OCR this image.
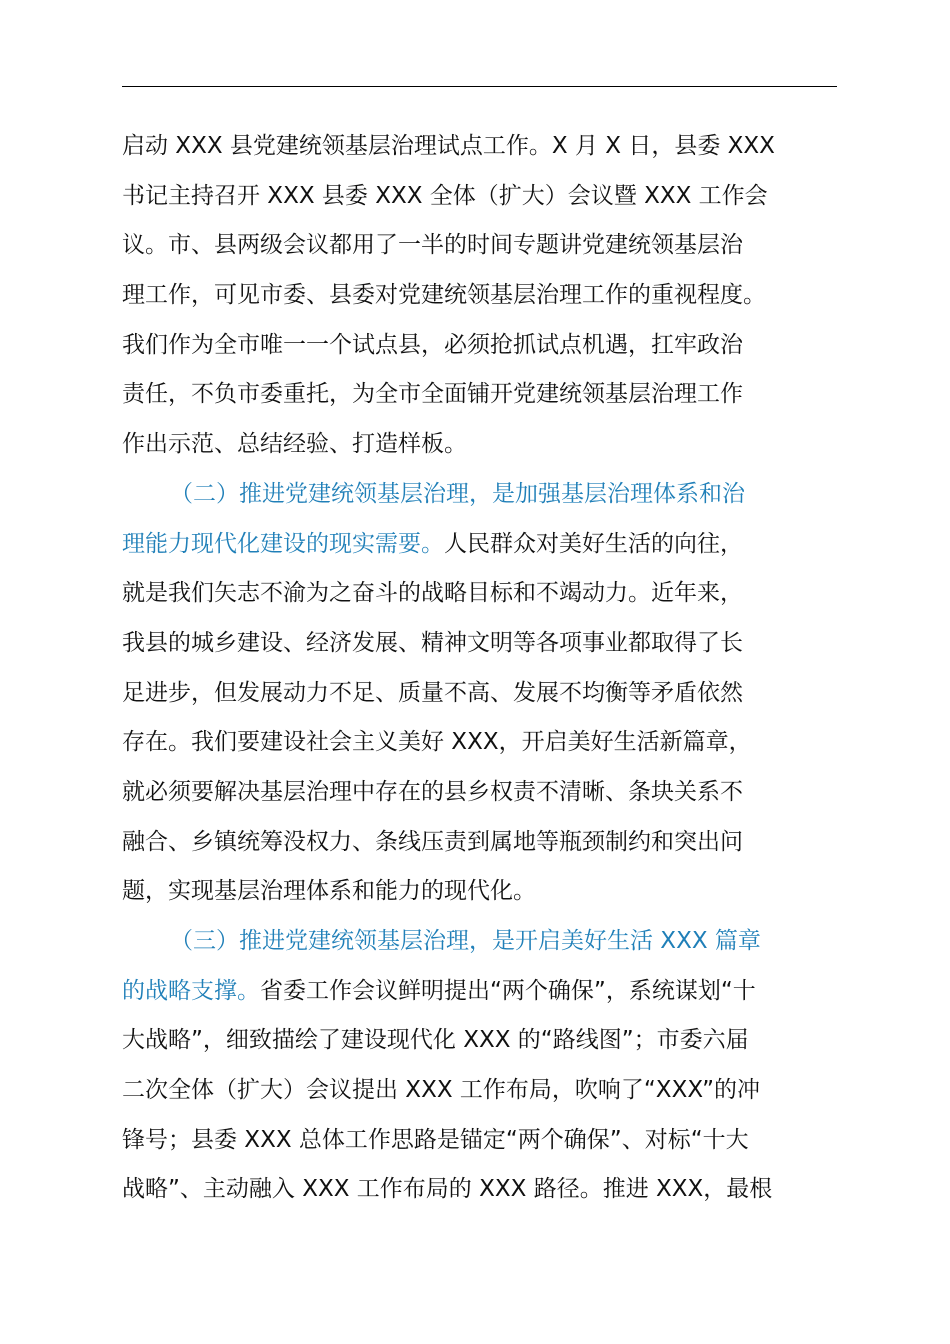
启动 XXX 县党建统领基层治理试点工作。X 月 X 日，县委 XXX
书记主持召开 XXX 县委 XXX 全体（扩大）会议暨 XXX 工作会
议。市、县两级会议都用了一半的时间专题讲党建统领基层治
理工作，可见市委、县委对党建统领基层治理工作的重视程度。
我们作为全市唯一一个试点县，必须抢抓试点机遇，扛牢政治
责任，不负市委重托，为全市全面铺开党建统领基层治理工作
作出示范、总结经验、打造样板。
（二）推进党建统领基层治理，是加强基层治理体系和治
理能力现代化建设的现实需要。人民群众对美好生活的向往，
就是我们矢志不渝为之奋斗的战略目标和不竭动力。近年来，
我县的城乡建设、经济发展、精神文明等各项事业都取得了长
足进步，但发展动力不足、质量不高、发展不均衡等矛盾依然
存在。我们要建设社会主义美好 XXX，开启美好生活新篇章，
就必须要解决基层治理中存在的县乡权责不清晰、条块关系不
融合、乡镇统筹没权力、条线压责到属地等瓶颈制约和突出问
题，实现基层治理体系和能力的现代化。
（三）推进党建统领基层治理，是开启美好生活 XXX 篇章
的战略支撑。省委工作会议鲜明提出“两个确保”，系统谋划“十
大战略”，细致描绘了建设现代化 XXX 的“路线图”；市委六届
二次全体（扩大）会议提出 XXX 工作布局，吹响了“XXX”的冲
锋号；县委 XXX 总体工作思路是锚定“两个确保”、对标“十大
战略”、主动融入 XXX 工作布局的 XXX 路径。推进 XXX，最根
